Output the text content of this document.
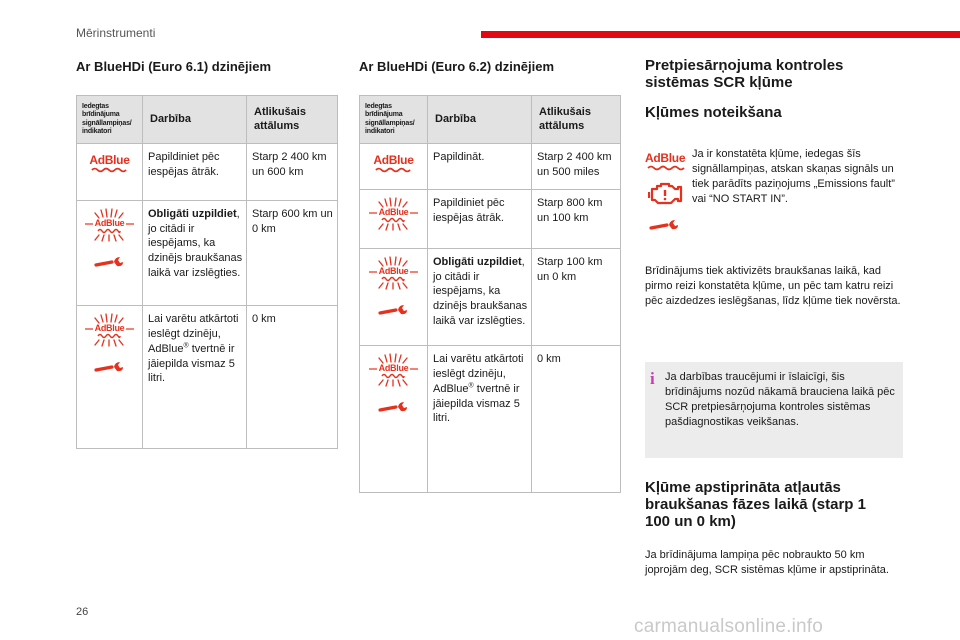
Mērinstrumenti
Ar BlueHDi (Euro 6.1) dzinējiem	Ar BlueHDi (Euro 6.2) dzinējiem
Iedegtas brīdinājuma signāllampiņas/ indikatori	Darbība	Atlikušais attālums

AdBlue	Papildiniet pēc iespējas ātrāk.	Starp 2 400 km un 600 km

AdBlue	Obligāti uzpildiet, jo citādi ir iespējams, ka dzinējs braukšanas laikā var izslēgties.	Starp 600 km un 0 km

AdBlue	Lai varētu atkārtoti ieslēgt dzinēju, AdBlue® tvertnē ir jāiepilda vismaz 5 litri.	0 km
Iedegtas brīdinājuma signāllampiņas/ indikatori	Darbība	Atlikušais attālums

AdBlue	Papildināt.	Starp 2 400 km un 500 miles

AdBlue	Papildiniet pēc iespējas ātrāk.	Starp 800 km un 100 km

AdBlue	Obligāti uzpildiet, jo citādi ir iespējams, ka dzinējs braukšanas laikā var izslēgties.	Starp 100 km un 0 km

AdBlue	Lai varētu atkārtoti ieslēgt dzinēju, AdBlue® tvertnē ir jāiepilda vismaz 5 litri.	0 km
Pretpiesārņojuma kontroles sistēmas SCR kļūme
Kļūmes noteikšana
AdBlue Ja ir konstatēta kļūme, iedegas šīs signāllampiņas, atskan skaņas signāls un tiek parādīts paziņojums „Emissions fault” vai “NO START IN”.
Brīdinājums tiek aktivizēts braukšanas laikā, kad pirmo reizi konstatēta kļūme, un pēc tam katru reizi pēc aizdedzes ieslēgšanas, līdz kļūme tiek novērsta.
i Ja darbības traucējumi ir īslaicīgi, šis brīdinājums nozūd nākamā brauciena laikā pēc SCR pretpiesārņojuma kontroles sistēmas pašdiagnostikas veikšanas.
Kļūme apstiprināta atļautās braukšanas fāzes laikā (starp 1 100 un 0 km)
Ja brīdinājuma lampiņa pēc nobraukto 50 km joprojām deg, SCR sistēmas kļūme ir apstiprināta.
26
carmanualsonline.info
